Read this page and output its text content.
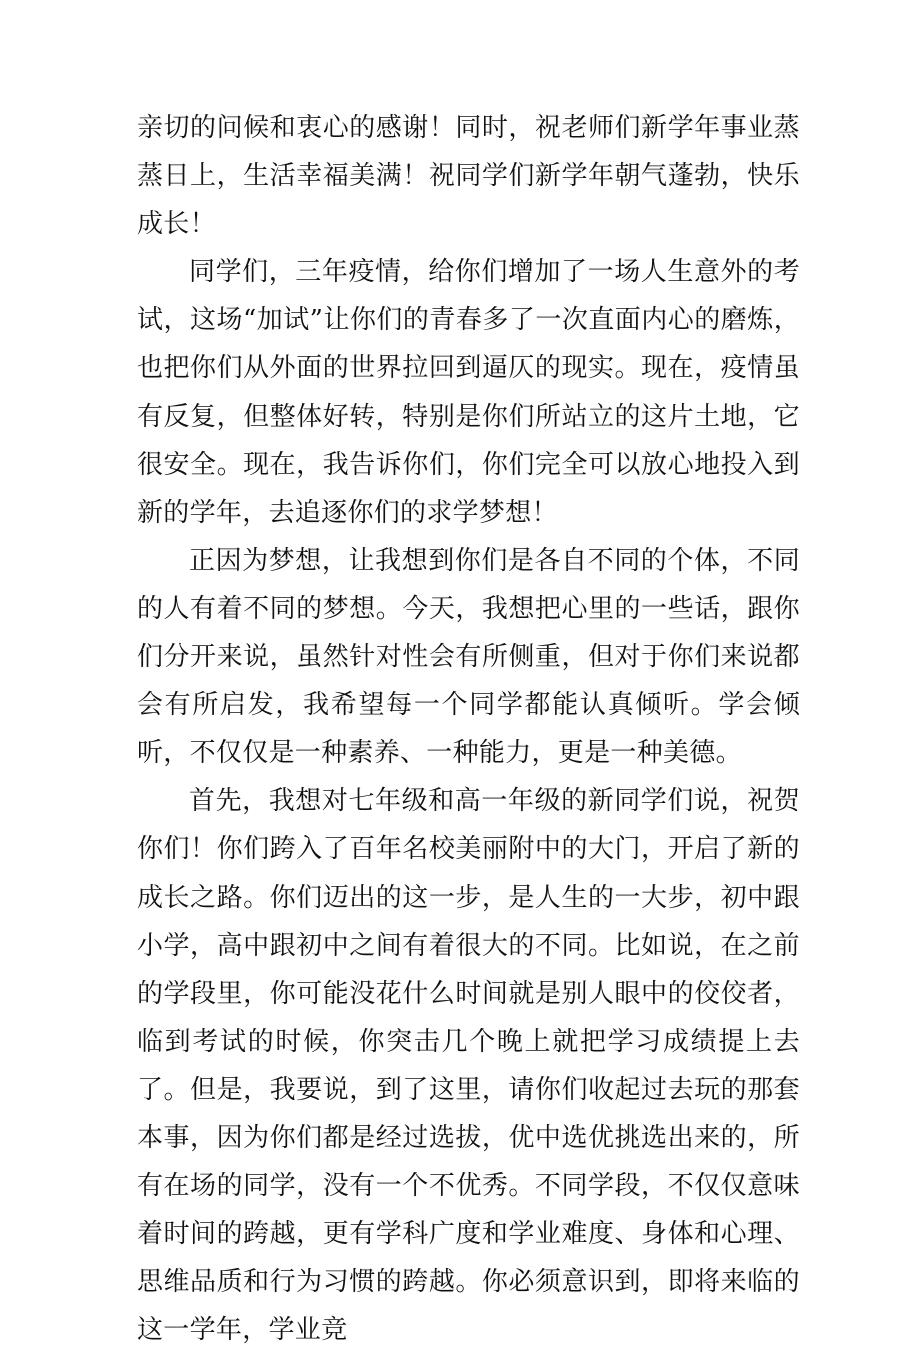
亲切的问候和衷心的感谢！同时，祝老师们新学年事业蒸蒸日上，生活幸福美满！祝同学们新学年朝气蓬勃，快乐成长！

同学们，三年疫情，给你们增加了一场人生意外的考试，这场“加试”让你们的青春多了一次直面内心的磨炼，也把你们从外面的世界拉回到逼仄的现实。现在，疫情虽有反复，但整体好转，特别是你们所站立的这片土地，它很安全。现在，我告诉你们，你们完全可以放心地投入到新的学年，去追逐你们的求学梦想！

正因为梦想，让我想到你们是各自不同的个体，不同的人有着不同的梦想。今天，我想把心里的一些话，跟你们分开来说，虽然针对性会有所侧重，但对于你们来说都会有所启发，我希望每一个同学都能认真倾听。学会倾听，不仅仅是一种素养、一种能力，更是一种美德。

首先，我想对七年级和高一年级的新同学们说，祝贺你们！你们跨入了百年名校美丽附中的大门，开启了新的成长之路。你们迈出的这一步，是人生的一大步，初中跟小学，高中跟初中之间有着很大的不同。比如说，在之前的学段里，你可能没花什么时间就是别人眼中的佼佼者，临到考试的时候，你突击几个晚上就把学习成绩提上去了。但是，我要说，到了这里，请你们收起过去玩的那套本事，因为你们都是经过选拔，优中选优挑选出来的，所有在场的同学，没有一个不优秀。不同学段，不仅仅意味着时间的跨越，更有学科广度和学业难度、身体和心理、思维品质和行为习惯的跨越。你必须意识到，即将来临的这一学年，学业竞
